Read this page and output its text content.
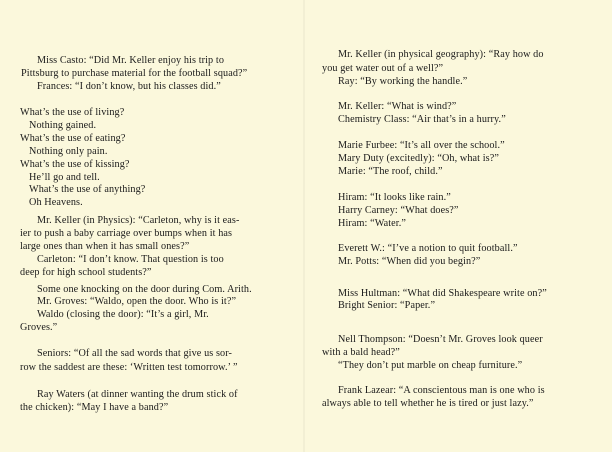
Miss Casto: “Did Mr. Keller enjoy his trip to
Pittsburg to purchase material for the football squad?”
Frances: “I don’t know, but his classes did.”
What’s the use of living?
Nothing gained.
What’s the use of eating?
Nothing only pain.
What’s the use of kissing?
He’ll go and tell.
What’s the use of anything?
Oh Heavens.
Mr. Keller (in Physics): “Carleton, why is it eas-
ier to push a baby carriage over bumps when it has
large ones than when it has small ones?”
Carleton: “I don’t know. That question is too
deep for high school students?”
Some one knocking on the door during Com. Arith.
Mr. Groves: “Waldo, open the door. Who is it?”
Waldo (closing the door): “It’s a girl, Mr.
Groves.”
Seniors: “Of all the sad words that give us sor-
row the saddest are these: ‘Written test tomorrow.’ ”
Ray Waters (at dinner wanting the drum stick of
the chicken): “May I have a band?”
Mr. Keller (in physical geography): “Ray how do
you get water out of a well?”
Ray: “By working the handle.”
Mr. Keller: “What is wind?”
Chemistry Class: “Air that’s in a hurry.”
Marie Furbee: “It’s all over the school.”
Mary Duty (excitedly): “Oh, what is?”
Marie: “The roof, child.”
Hiram: “It looks like rain.”
Harry Carney: “What does?”
Hiram: “Water.”
Everett W.: “I’ve a notion to quit football.”
Mr. Potts: “When did you begin?”
Miss Hultman: “What did Shakespeare write on?”
Bright Senior: “Paper.”
Nell Thompson: “Doesn’t Mr. Groves look queer
with a bald head?”
“They don’t put marble on cheap furniture.”
Frank Lazear: “A conscientous man is one who is
always able to tell whether he is tired or just lazy.”
